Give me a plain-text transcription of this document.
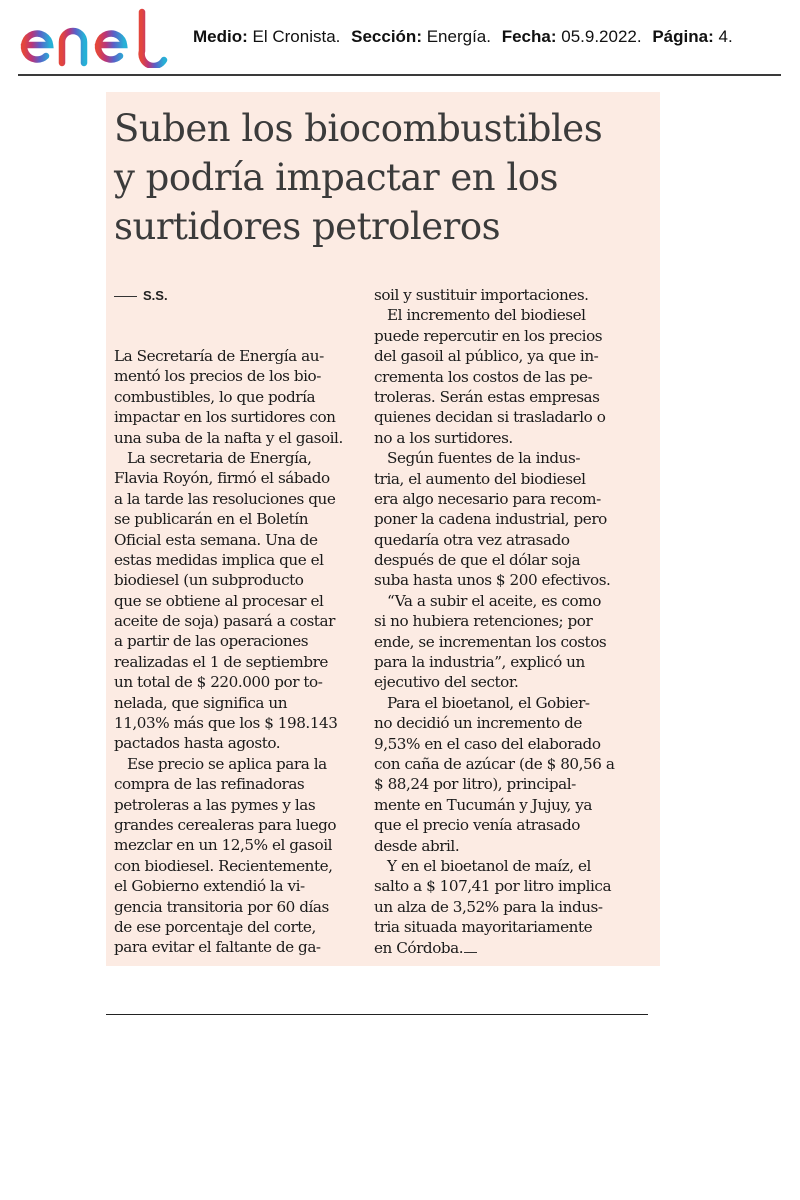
Medio: El Cronista. Sección: Energía. Fecha: 05.9.2022. Página: 4.
Suben los biocombustibles
y podría impactar en los
surtidores petroleros
S.S.
La Secretaría de Energía au-
mentó los precios de los bio-
combustibles, lo que podría
impactar en los surtidores con
una suba de la nafta y el gasoil.
La secretaria de Energía,
Flavia Royón, firmó el sábado
a la tarde las resoluciones que
se publicarán en el Boletín
Oficial esta semana. Una de
estas medidas implica que el
biodiesel (un subproducto
que se obtiene al procesar el
aceite de soja) pasará a costar
a partir de las operaciones
realizadas el 1 de septiembre
un total de $ 220.000 por to-
nelada, que significa un
11,03% más que los $ 198.143
pactados hasta agosto.
Ese precio se aplica para la
compra de las refinadoras
petroleras a las pymes y las
grandes cerealeras para luego
mezclar en un 12,5% el gasoil
con biodiesel. Recientemente,
el Gobierno extendió la vi-
gencia transitoria por 60 días
de ese porcentaje del corte,
para evitar el faltante de ga-
soil y sustituir importaciones.
El incremento del biodiesel
puede repercutir en los precios
del gasoil al público, ya que in-
crementa los costos de las pe-
troleras. Serán estas empresas
quienes decidan si trasladarlo o
no a los surtidores.
Según fuentes de la indus-
tria, el aumento del biodiesel
era algo necesario para recom-
poner la cadena industrial, pero
quedaría otra vez atrasado
después de que el dólar soja
suba hasta unos $ 200 efectivos.
“Va a subir el aceite, es como
si no hubiera retenciones; por
ende, se incrementan los costos
para la industria”, explicó un
ejecutivo del sector.
Para el bioetanol, el Gobier-
no decidió un incremento de
9,53% en el caso del elaborado
con caña de azúcar (de $ 80,56 a
$ 88,24 por litro), principal-
mente en Tucumán y Jujuy, ya
que el precio venía atrasado
desde abril.
Y en el bioetanol de maíz, el
salto a $ 107,41 por litro implica
un alza de 3,52% para la indus-
tria situada mayoritariamente
en Córdoba.
